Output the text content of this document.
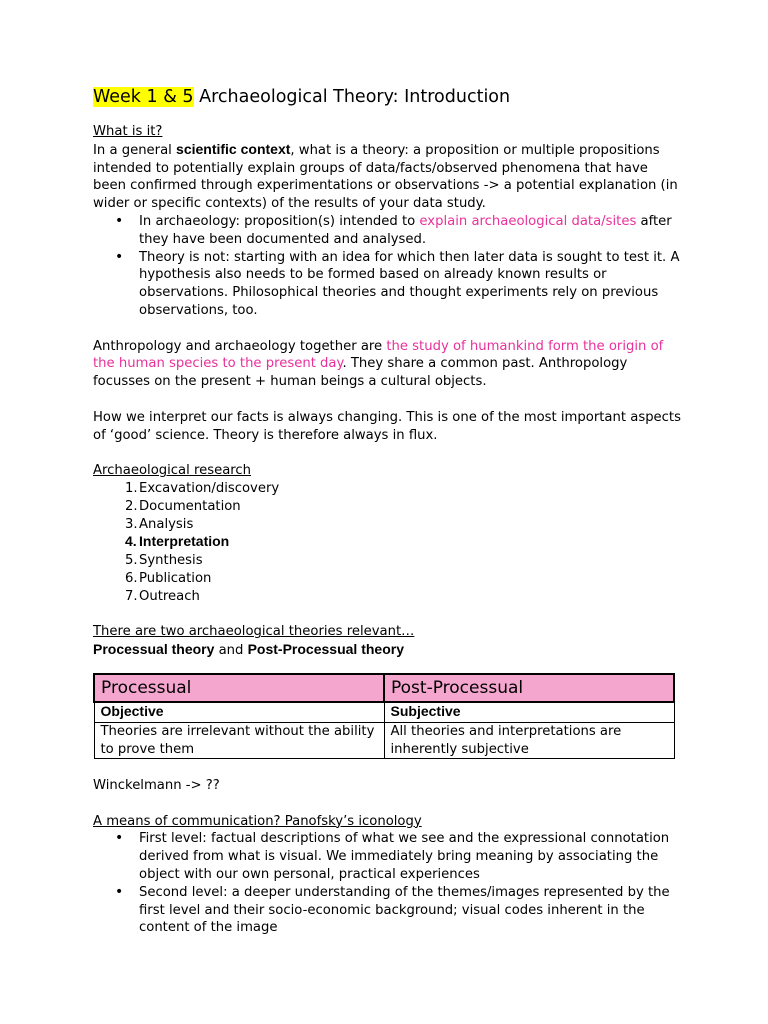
Week 1 & 5 Archaeological Theory: Introduction

What is it?

In a general scientific context, what is a theory: a proposition or multiple propositions intended to potentially explain groups of data/facts/observed phenomena that have been confirmed through experimentations or observations -> a potential explanation (in wider or specific contexts) of the results of your data study.

• In archaeology: proposition(s) intended to explain archaeological data/sites after they have been documented and analysed.
• Theory is not: starting with an idea for which then later data is sought to test it. A hypothesis also needs to be formed based on already known results or observations. Philosophical theories and thought experiments rely on previous observations, too.

Anthropology and archaeology together are the study of humankind form the origin of the human species to the present day. They share a common past. Anthropology focusses on the present + human beings a cultural objects.

How we interpret our facts is always changing. This is one of the most important aspects of ‘good’ science. Theory is therefore always in flux.

Archaeological research

1. Excavation/discovery
2. Documentation
3. Analysis
4. Interpretation
5. Synthesis
6. Publication
7. Outreach

There are two archaeological theories relevant…

Processual theory and Post-Processual theory

Processual	Post-Processual
Objective	Subjective
Theories are irrelevant without the ability to prove them	All theories and interpretations are inherently subjective

Winckelmann -> ??

A means of communication? Panofsky’s iconology

• First level: factual descriptions of what we see and the expressional connotation derived from what is visual. We immediately bring meaning by associating the object with our own personal, practical experiences
• Second level: a deeper understanding of the themes/images represented by the first level and their socio-economic background; visual codes inherent in the content of the image
